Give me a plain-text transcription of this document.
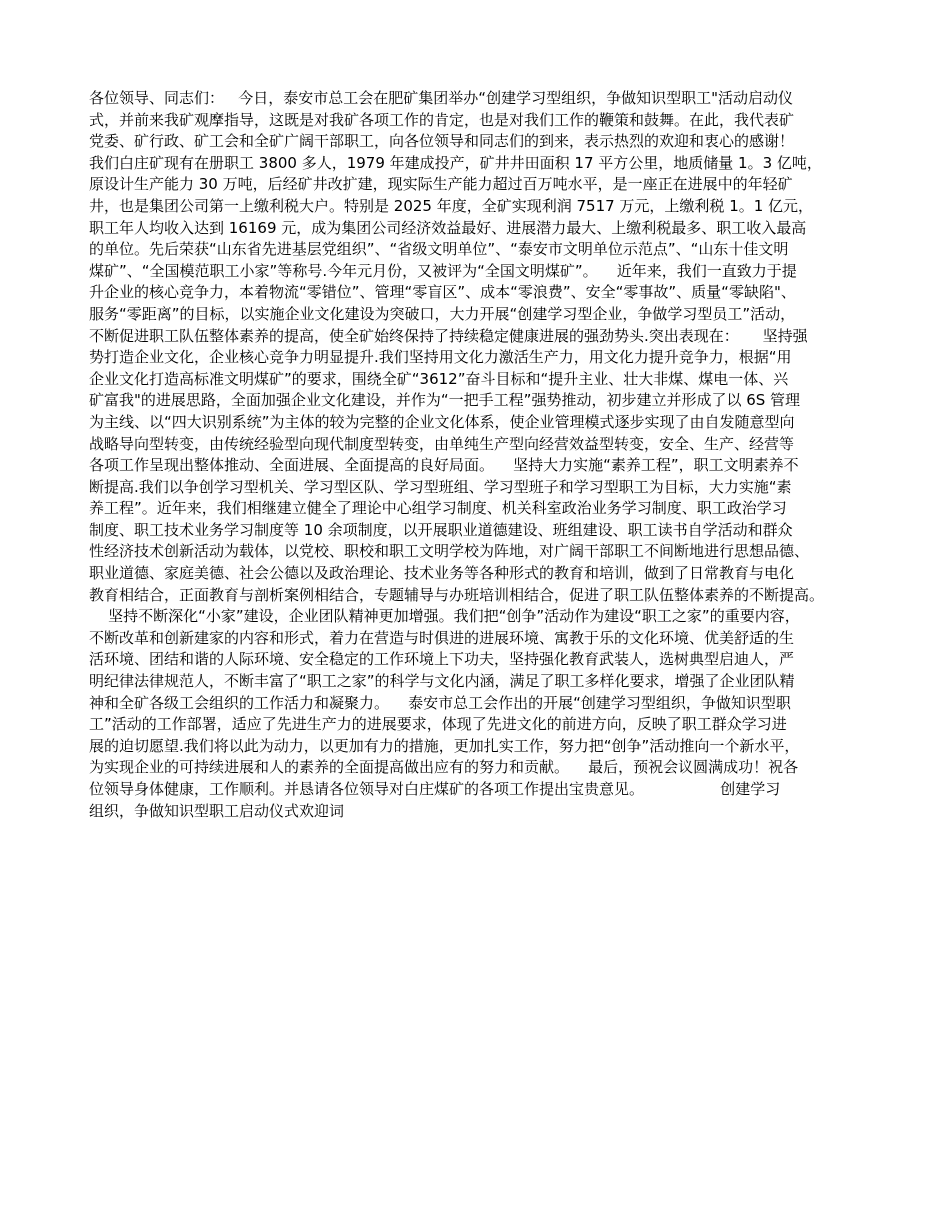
各位领导、同志们：   今日，泰安市总工会在肥矿集团举办“创建学习型组织，争做知识型职工"活动启动仪
式，并前来我矿观摩指导，这既是对我矿各项工作的肯定，也是对我们工作的鞭策和鼓舞。在此，我代表矿
党委、矿行政、矿工会和全矿广阔干部职工，向各位领导和同志们的到来，表示热烈的欢迎和衷心的感谢！
我们白庄矿现有在册职工 3800 多人，1979 年建成投产，矿井井田面积 17 平方公里，地质储量 1。3 亿吨，
原设计生产能力 30 万吨，后经矿井改扩建，现实际生产能力超过百万吨水平，是一座正在进展中的年轻矿
井，也是集团公司第一上缴利税大户。特别是 2025 年度，全矿实现利润 7517 万元，上缴利税 1。1 亿元，
职工年人均收入达到 16169 元，成为集团公司经济效益最好、进展潜力最大、上缴利税最多、职工收入最高
的单位。先后荣获“山东省先进基层党组织”、“省级文明单位”、“泰安市文明单位示范点”、“山东十佳文明
煤矿”、“全国模范职工小家”等称号.今年元月份，又被评为“全国文明煤矿”。    近年来，我们一直致力于提
升企业的核心竞争力，本着物流“零错位”、管理“零盲区”、成本“零浪费”、安全“零事故”、质量“零缺陷"、
服务“零距离”的目标，以实施企业文化建设为突破口，大力开展“创建学习型企业，争做学习型员工”活动，
不断促进职工队伍整体素养的提高，使全矿始终保持了持续稳定健康进展的强劲势头.突出表现在：     坚持强
势打造企业文化，企业核心竞争力明显提升.我们坚持用文化力激活生产力，用文化力提升竞争力，根据“用
企业文化打造高标准文明煤矿”的要求，围绕全矿“3612”奋斗目标和“提升主业、壮大非煤、煤电一体、兴
矿富我"的进展思路，全面加强企业文化建设，并作为“一把手工程”强势推动，初步建立并形成了以 6S 管理
为主线、以“四大识别系统”为主体的较为完整的企业文化体系，使企业管理模式逐步实现了由自发随意型向
战略导向型转变，由传统经验型向现代制度型转变，由单纯生产型向经营效益型转变，安全、生产、经营等
各项工作呈现出整体推动、全面进展、全面提高的良好局面。    坚持大力实施“素养工程”，职工文明素养不
断提高.我们以争创学习型机关、学习型区队、学习型班组、学习型班子和学习型职工为目标，大力实施“素
养工程”。近年来，我们相继建立健全了理论中心组学习制度、机关科室政治业务学习制度、职工政治学习
制度、职工技术业务学习制度等 10 余项制度，以开展职业道德建设、班组建设、职工读书自学活动和群众
性经济技术创新活动为载体，以党校、职校和职工文明学校为阵地，对广阔干部职工不间断地进行思想品德、
职业道德、家庭美德、社会公德以及政治理论、技术业务等各种形式的教育和培训，做到了日常教育与电化
教育相结合，正面教育与剖析案例相结合，专题辅导与办班培训相结合，促进了职工队伍整体素养的不断提高。
坚持不断深化“小家”建设，企业团队精神更加增强。我们把“创争”活动作为建设“职工之家”的重要内容，
不断改革和创新建家的内容和形式，着力在营造与时俱进的进展环境、寓教于乐的文化环境、优美舒适的生
活环境、团结和谐的人际环境、安全稳定的工作环境上下功夫，坚持强化教育武装人，选树典型启迪人，严
明纪律法律规范人，不断丰富了“职工之家”的科学与文化内涵，满足了职工多样化要求，增强了企业团队精
神和全矿各级工会组织的工作活力和凝聚力。    泰安市总工会作出的开展“创建学习型组织，争做知识型职
工”活动的工作部署，适应了先进生产力的进展要求，体现了先进文化的前进方向，反映了职工群众学习进
展的迫切愿望.我们将以此为动力，以更加有力的措施，更加扎实工作，努力把“创争”活动推向一个新水平，
为实现企业的可持续进展和人的素养的全面提高做出应有的努力和贡献。    最后，预祝会议圆满成功！祝各
位领导身体健康，工作顺利。并恳请各位领导对白庄煤矿的各项工作提出宝贵意见。                创建学习
组织，争做知识型职工启动仪式欢迎词
